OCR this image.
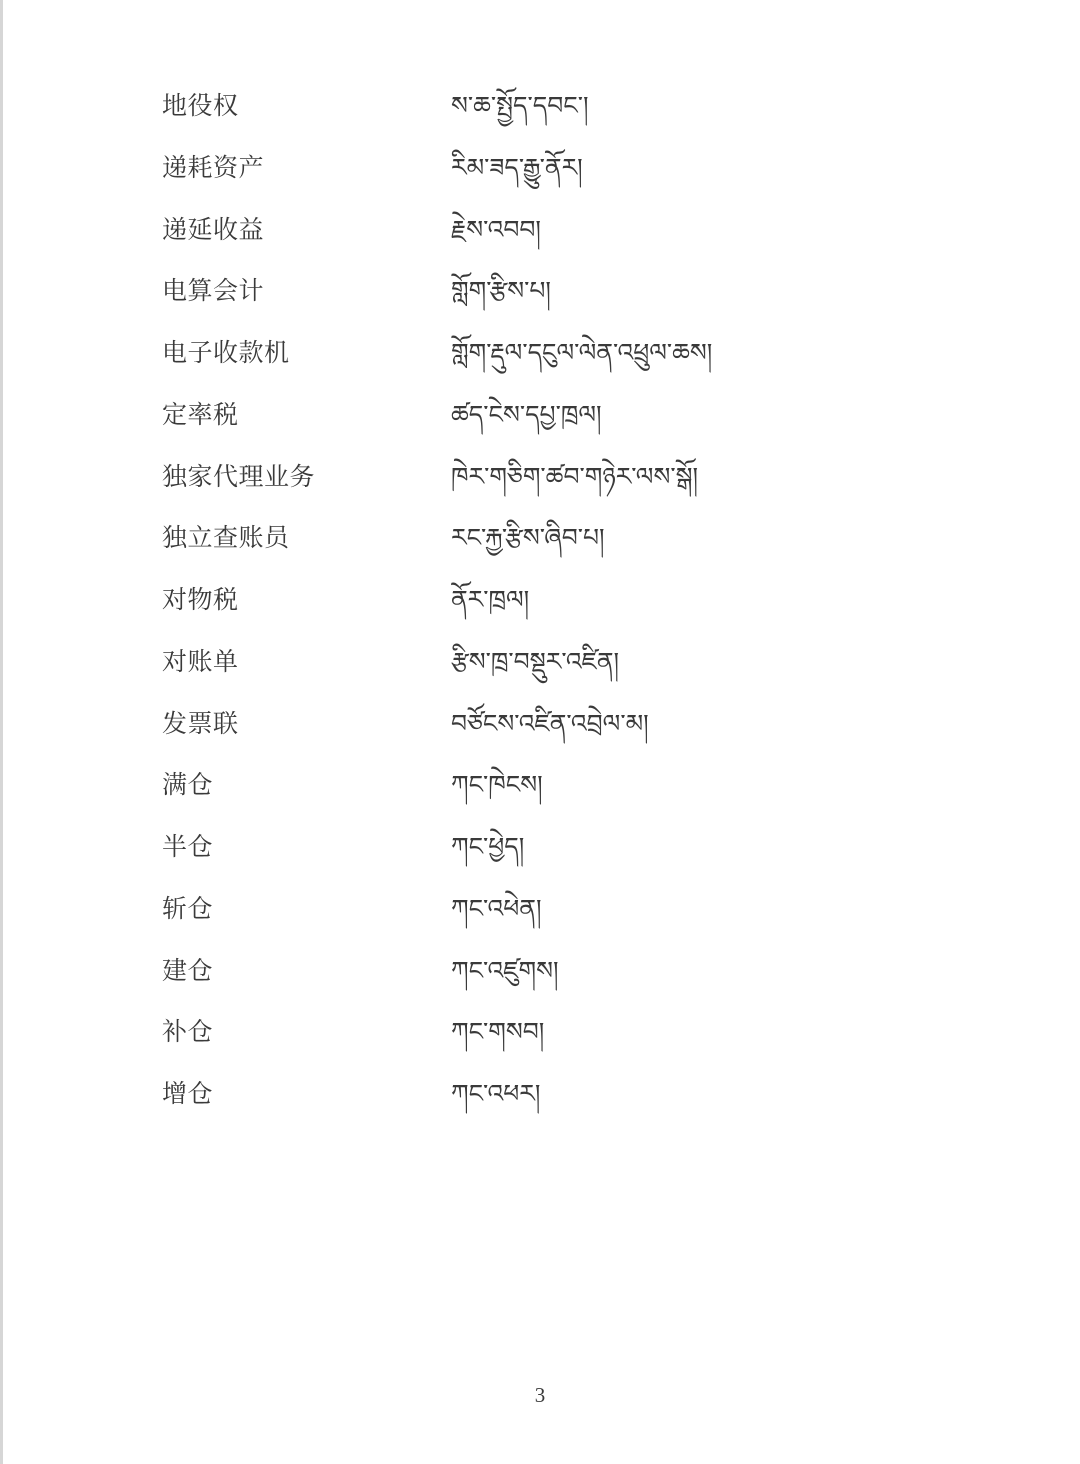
地役权	ས་ཆ་སྤྱོད་དབང་།
递耗资产	རིམ་ཟད་རྒྱུ་ནོར།
递延收益	རྗེས་འབབ།
电算会计	གློག་རྩིས་པ།
电子收款机	གློག་རྡུལ་དངུལ་ལེན་འཕྲུལ་ཆས།
定率税	ཚད་ངེས་དཔྱ་ཁྲལ།
独家代理业务	ཁེར་གཅིག་ཚབ་གཉེར་ལས་སྒོ།
独立查账员	རང་རྐྱ་རྩིས་ཞིབ་པ།
对物税	ནོར་ཁྲལ།
对账单	རྩིས་ཁྲ་བསྡུར་འཛིན།
发票联	བཙོངས་འཛིན་འབྲེལ་མ།
满仓	ཀང་ཁེངས།
半仓	ཀང་ཕྱེད།
斩仓	ཀང་འཕེན།
建仓	ཀང་འཛུགས།
补仓	ཀང་གསབ།
增仓	ཀང་འཕར།
3
